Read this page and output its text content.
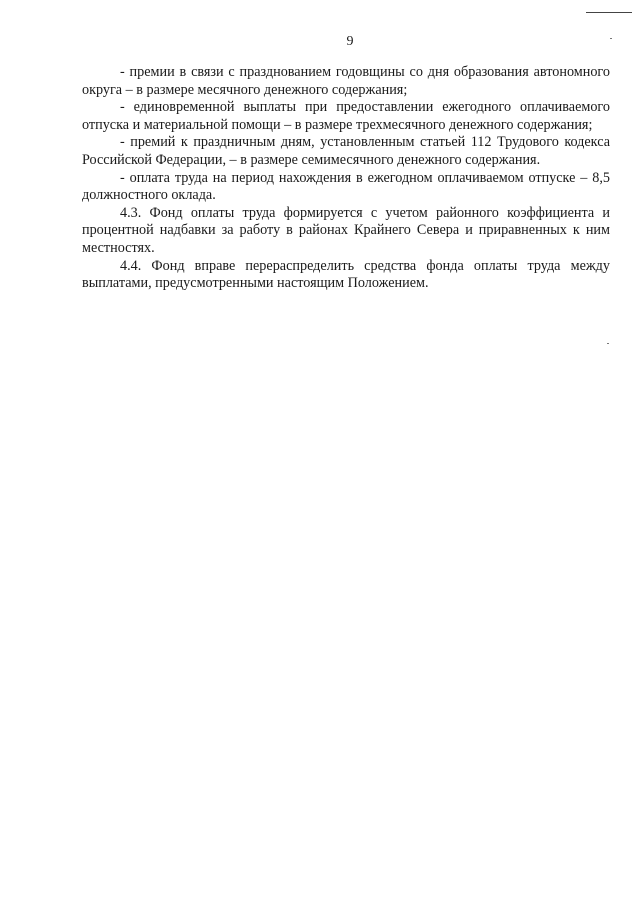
9

- премии в связи с празднованием годовщины со дня образования автономного округа – в размере месячного денежного содержания;

- единовременной выплаты при предоставлении ежегодного оплачиваемого отпуска и материальной помощи – в размере трехмесячного денежного содержания;

- премий к праздничным дням, установленным статьей 112 Трудового кодекса Российской Федерации, – в размере семимесячного денежного содержания.

- оплата труда на период нахождения в ежегодном оплачиваемом отпуске – 8,5 должностного оклада.

4.3. Фонд оплаты труда формируется с учетом районного коэффициента и процентной надбавки за работу в районах Крайнего Севера и приравненных к ним местностях.

4.4. Фонд вправе перераспределить средства фонда оплаты труда между выплатами, предусмотренными настоящим Положением.
